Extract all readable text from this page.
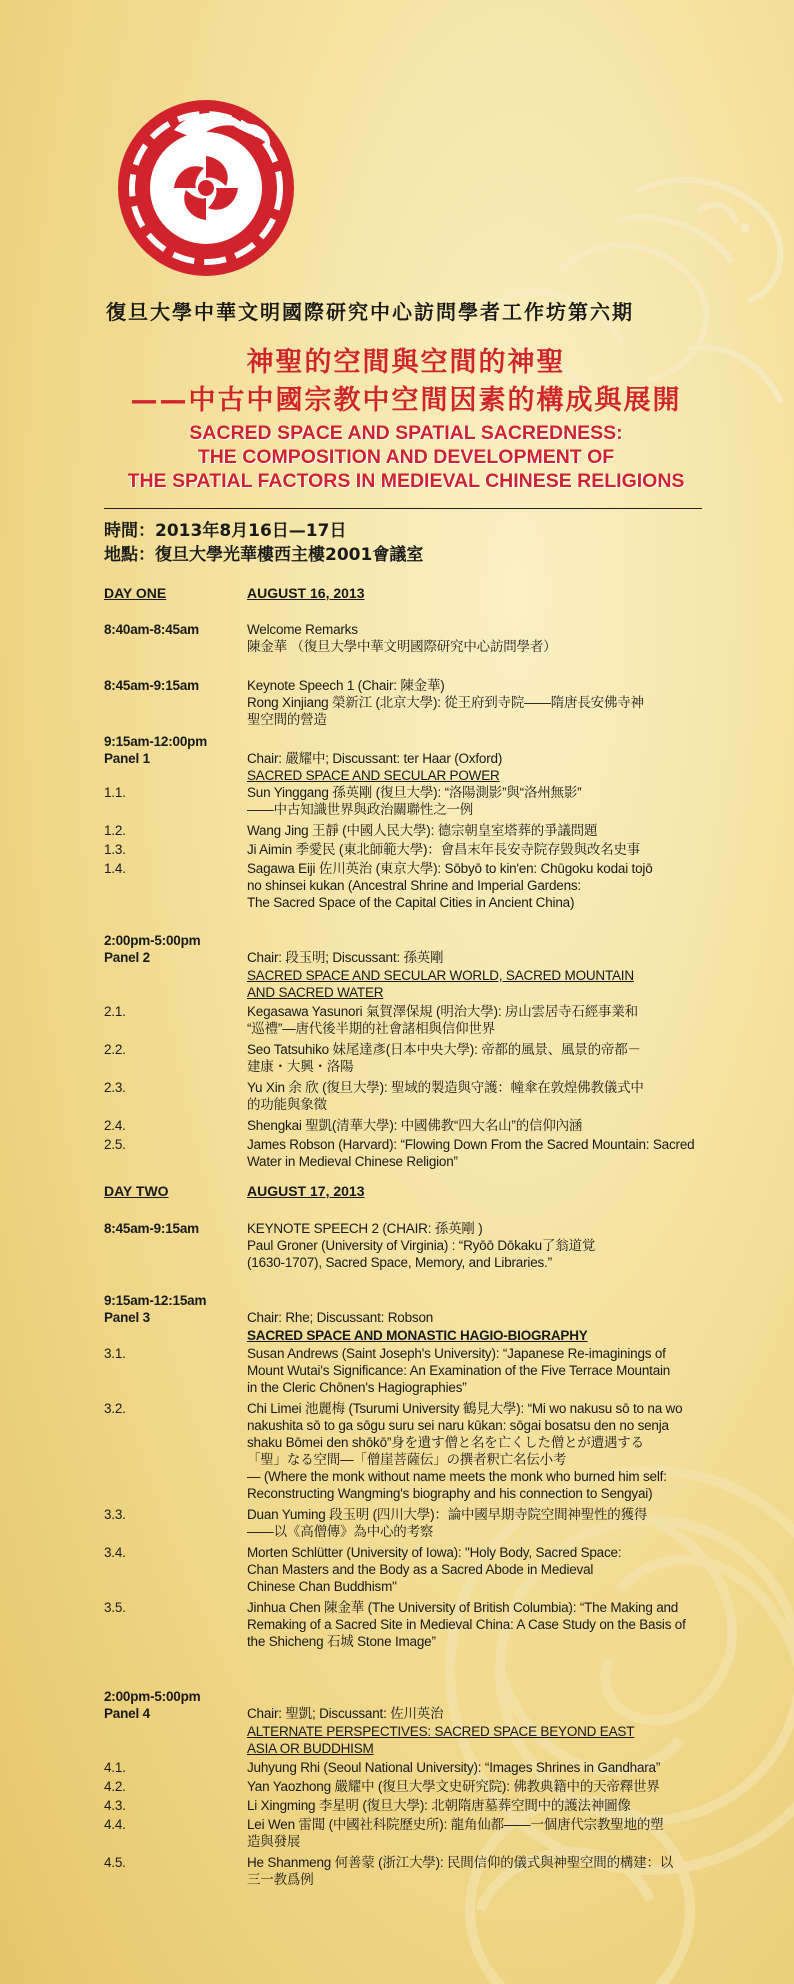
復旦大學中華文明國際研究中心訪問學者工作坊第六期
神聖的空間與空間的神聖
——中古中國宗教中空間因素的構成與展開
SACRED SPACE AND SPATIAL SACREDNESS:
THE COMPOSITION AND DEVELOPMENT OF
THE SPATIAL FACTORS IN MEDIEVAL CHINESE RELIGIONS
時間：2013年8月16日—17日
地點：復旦大學光華樓西主樓2001會議室
DAY ONE	AUGUST 16, 2013
8:40am-8:45am	Welcome Remarks
陳金華 （復旦大學中華文明國際研究中心訪問學者）
8:45am-9:15am	Keynote Speech 1 (Chair: 陳金華)
Rong Xinjiang 榮新江 (北京大學): 從王府到寺院——隋唐長安佛寺神
聖空間的營造
9:15am-12:00pm
Panel 1	Chair: 嚴耀中; Discussant: ter Haar (Oxford)
SACRED SPACE AND SECULAR POWER
1.1.	Sun Yinggang 孫英剛 (復旦大學): “洛陽測影”與“洛州無影”
——中古知識世界與政治關聯性之一例
1.2.	Wang Jing 王靜 (中國人民大學): 德宗朝皇室塔葬的爭議問題
1.3.	Ji Aimin 季愛民 (東北師範大學)：會昌末年長安寺院存毀與改名史事
1.4.	Sagawa Eiji 佐川英治 (東京大學): Sōbyō to kin'en: Chūgoku kodai tojō
no shinsei kukan (Ancestral Shrine and Imperial Gardens:
The Sacred Space of the Capital Cities in Ancient China)
2:00pm-5:00pm
Panel 2	Chair: 段玉明; Discussant: 孫英剛
SACRED SPACE AND SECULAR WORLD, SACRED MOUNTAIN
AND SACRED WATER
2.1.	Kegasawa Yasunori 氣賀澤保規 (明治大學): 房山雲居寺石經事業和
“巡禮”—唐代後半期的社會諸相與信仰世界
2.2.	Seo Tatsuhiko 妹尾達彥(日本中央大學): 帝都的風景、風景的帝都－
建康・大興・洛陽
2.3.	Yu Xin 余 欣 (復旦大學): 聖域的製造與守護：幢傘在敦煌佛教儀式中
的功能與象徵
2.4.	Shengkai 聖凱(清華大學): 中國佛教“四大名山”的信仰內涵
2.5.	James Robson (Harvard): “Flowing Down From the Sacred Mountain: Sacred
Water in Medieval Chinese Religion”
DAY TWO	AUGUST 17, 2013
8:45am-9:15am	KEYNOTE SPEECH 2 (CHAIR: 孫英剛 )
Paul Groner (University of Virginia) : “Ryōō Dōkaku了翁道覚
(1630-1707), Sacred Space, Memory, and Libraries.”
9:15am-12:15am
Panel 3	Chair: Rhe; Discussant: Robson
SACRED SPACE AND MONASTIC HAGIO-BIOGRAPHY
3.1.	Susan Andrews (Saint Joseph's University): “Japanese Re-imaginings of
Mount Wutai's Significance: An Examination of the Five Terrace Mountain
in the Cleric Chōnen's Hagiographies”
3.2.	Chi Limei 池麗梅 (Tsurumi University 鶴見大學): “Mi wo nakusu sō to na wo
nakushita sō to ga sōgu suru sei naru kūkan: sōgai bosatsu den no senja
shaku Bōmei den shōkō”身を遺す僧と名を亡くした僧とが遭遇する
「聖」なる空間—「僧崖菩薩伝」の撰者釈亡名伝小考
— (Where the monk without name meets the monk who burned him self:
Reconstructing Wangming's biography and his connection to Sengyai)
3.3.	Duan Yuming 段玉明 (四川大學)：論中國早期寺院空間神聖性的獲得
——以《高僧傳》為中心的考察
3.4.	Morten Schlütter (University of Iowa): "Holy Body, Sacred Space:
Chan Masters and the Body as a Sacred Abode in Medieval
Chinese Chan Buddhism"
3.5.	Jinhua Chen 陳金華 (The University of British Columbia): “The Making and
Remaking of a Sacred Site in Medieval China: A Case Study on the Basis of
the Shicheng 石城 Stone Image”
2:00pm-5:00pm
Panel 4	Chair: 聖凱; Discussant: 佐川英治
ALTERNATE PERSPECTIVES: SACRED SPACE BEYOND EAST
ASIA OR BUDDHISM
4.1.	Juhyung Rhi (Seoul National University): “Images Shrines in Gandhara”
4.2.	Yan Yaozhong 嚴耀中 (復旦大學文史研究院): 佛教典籍中的天帝釋世界
4.3.	Li Xingming 李星明 (復旦大學): 北朝隋唐墓葬空間中的護法神圖像
4.4.	Lei Wen 雷聞 (中國社科院歷史所): 龍角仙都——一個唐代宗教聖地的塑
造與發展
4.5.	He Shanmeng 何善蒙 (浙江大學): 民間信仰的儀式與神聖空間的構建：以
三一教爲例
